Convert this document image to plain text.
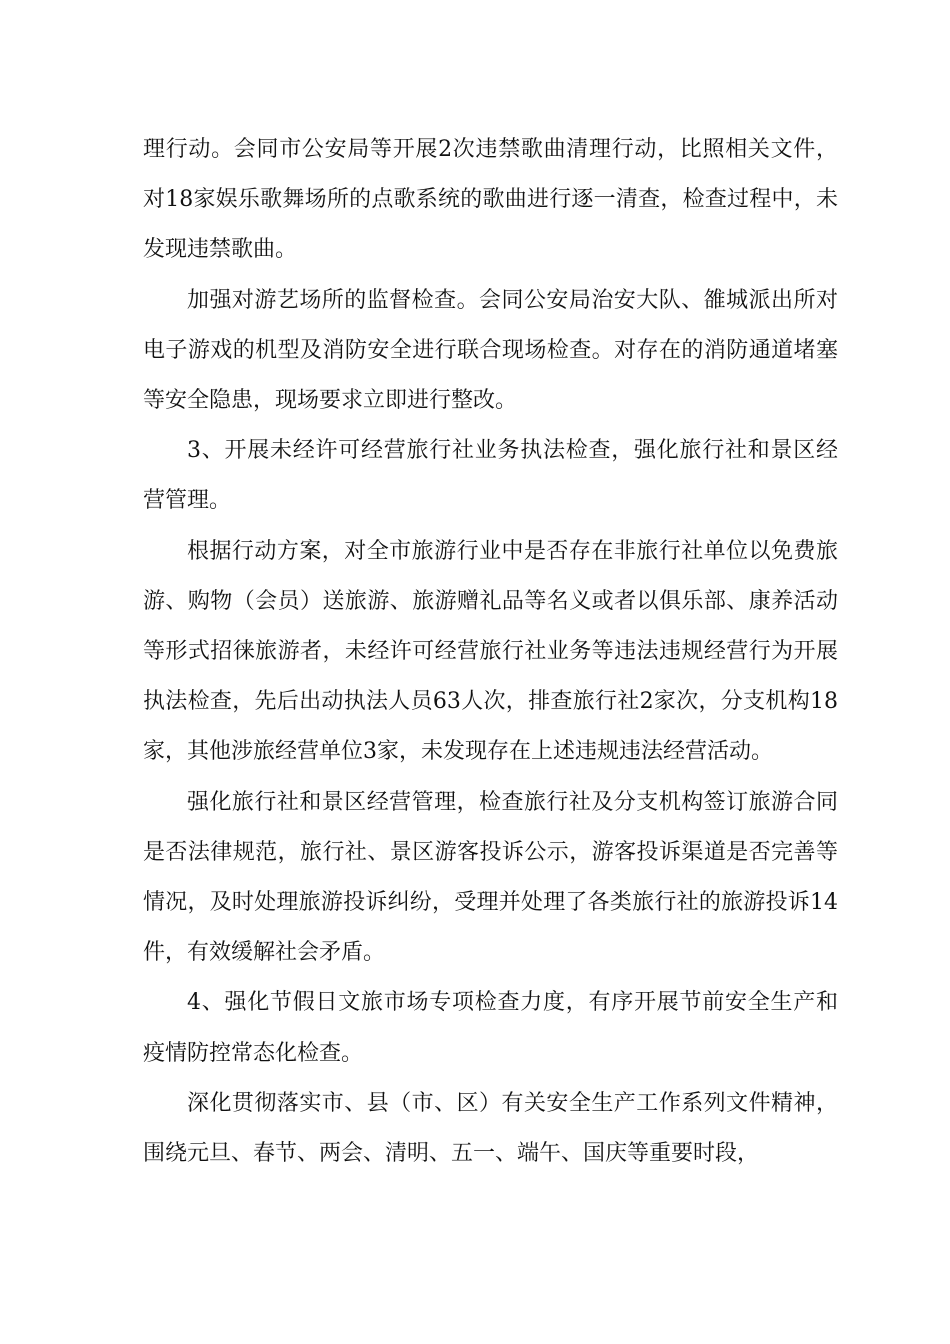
理行动。会同市公安局等开展2次违禁歌曲清理行动，比照相关文件，对18家娱乐歌舞场所的点歌系统的歌曲进行逐一清查，检查过程中，未发现违禁歌曲。

加强对游艺场所的监督检查。会同公安局治安大队、雒城派出所对电子游戏的机型及消防安全进行联合现场检查。对存在的消防通道堵塞等安全隐患，现场要求立即进行整改。

3、开展未经许可经营旅行社业务执法检查，强化旅行社和景区经营管理。

根据行动方案，对全市旅游行业中是否存在非旅行社单位以免费旅游、购物（会员）送旅游、旅游赠礼品等名义或者以俱乐部、康养活动等形式招徕旅游者，未经许可经营旅行社业务等违法违规经营行为开展执法检查，先后出动执法人员63人次，排查旅行社2家次，分支机构18家，其他涉旅经营单位3家，未发现存在上述违规违法经营活动。

强化旅行社和景区经营管理，检查旅行社及分支机构签订旅游合同是否法律规范，旅行社、景区游客投诉公示，游客投诉渠道是否完善等情况，及时处理旅游投诉纠纷，受理并处理了各类旅行社的旅游投诉14件，有效缓解社会矛盾。

4、强化节假日文旅市场专项检查力度，有序开展节前安全生产和疫情防控常态化检查。

深化贯彻落实市、县（市、区）有关安全生产工作系列文件精神，围绕元旦、春节、两会、清明、五一、端午、国庆等重要时段，
